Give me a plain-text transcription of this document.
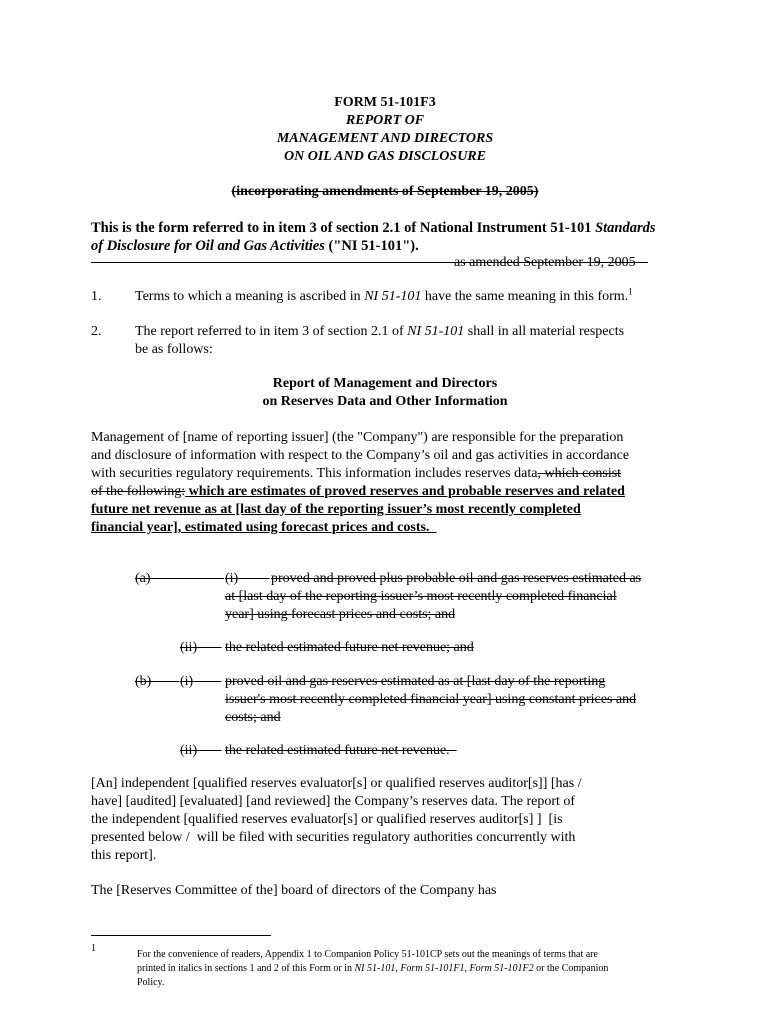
FORM 51-101F3
REPORT OF
MANAGEMENT AND DIRECTORS
ON OIL AND GAS DISCLOSURE
(incorporating amendments of September 19, 2005)
This is the form referred to in item 3 of section 2.1 of National Instrument 51-101 Standards
of Disclosure for Oil and Gas Activities ("NI 51-101").
as amended September 19, 2005
1. Terms to which a meaning is ascribed in NI 51-101 have the same meaning in this form.$^1$
2. The report referred to in item 3 of section 2.1 of NI 51-101 shall in all material respects
be as follows:
Report of Management and Directors
on Reserves Data and Other Information
Management of [name of reporting issuer] (the "Company") are responsible for the preparation
and disclosure of information with respect to the Company’s oil and gas activities in accordance
with securities regulatory requirements. This information includes reserves data, which consist
of the following: which are estimates of proved reserves and probable reserves and related
future net revenue as at [last day of the reporting issuer’s most recently completed
financial year], estimated using forecast prices and costs.
(a)	(i)	proved and proved plus probable oil and gas reserves estimated as
at [last day of the reporting issuer’s most recently completed financial
year] using forecast prices and costs; and
(ii)	the related estimated future net revenue; and
(b)	(i)	proved oil and gas reserves estimated as at [last day of the reporting
issuer's most recently completed financial year] using constant prices and
costs; and
(ii)	the related estimated future net revenue.
[An] independent [qualified reserves evaluator[s] or qualified reserves auditor[s]] [has /
have] [audited] [evaluated] [and reviewed] the Company’s reserves data. The report of
the independent [qualified reserves evaluator[s] or qualified reserves auditor[s] ]  [is
presented below /  will be filed with securities regulatory authorities concurrently with
this report].
The [Reserves Committee of the] board of directors of the Company has
1
For the convenience of readers, Appendix 1 to Companion Policy 51-101CP sets out the meanings of terms that are
printed in italics in sections 1 and 2 of this Form or in NI 51-101, Form 51-101F1, Form 51-101F2 or the Companion
Policy.
